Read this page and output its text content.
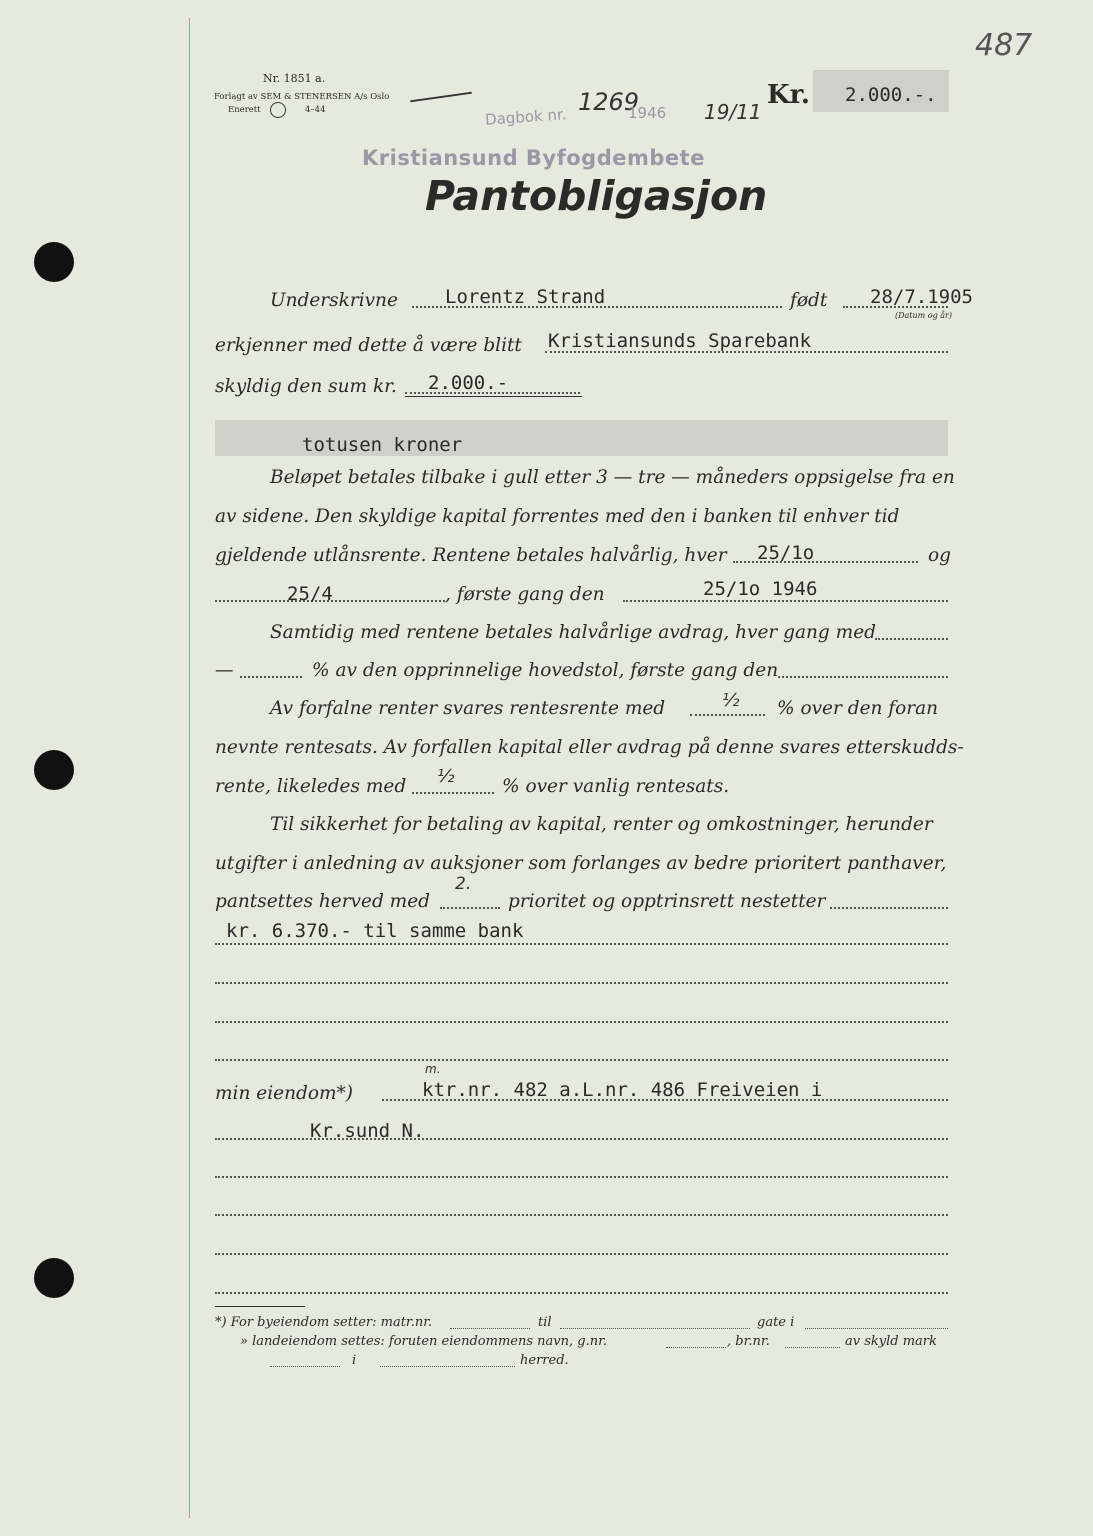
Nr. 1851 a.
Forlagt av SEM & STENERSEN A/s Oslo
Enerett	4–44
487
Dagbok nr.
1269
1946 19/11
Kristiansund Byfogdembete
Kr. 2.000.-.
Pantobligasjon
Underskrivne Lorentz Strand	født 28/7.1905
(Datum og år)
erkjenner med dette å være blitt Kristiansunds Sparebank
skyldig den sum kr. 2.000.-
totusen kroner
Beløpet betales tilbake i gull etter 3 — tre — måneders oppsigelse fra en
av sidene. Den skyldige kapital forrentes med den i banken til enhver tid
gjeldende utlånsrente. Rentene betales halvårlig, hver 25/1o	og
25/4	, første gang den	25/1o 1946
Samtidig med rentene betales halvårlige avdrag, hver gang med
—	% av den opprinnelige hovedstol, første gang den
Av forfalne renter svares rentesrente med	½ % over den foran
nevnte rentesats. Av forfallen kapital eller avdrag på denne svares etterskudds-
rente, likeledes med ½	% over vanlig rentesats.
Til sikkerhet for betaling av kapital, renter og omkostninger, herunder
utgifter i anledning av auksjoner som forlanges av bedre prioritert panthaver,
pantsettes herved med
2.
prioritet og opptrinsrett nestetter
kr. 6.370.- til samme bank
min eiendom*)
m.
ktr.nr. 482 a.L.nr. 486 Freiveien i
Kr.sund N.
*) For byeiendom setter: matr.nr.	til	gate i
» landeiendom settes: foruten eiendommens navn, g.nr.	, br.nr.	av skyld mark
i	herred.
